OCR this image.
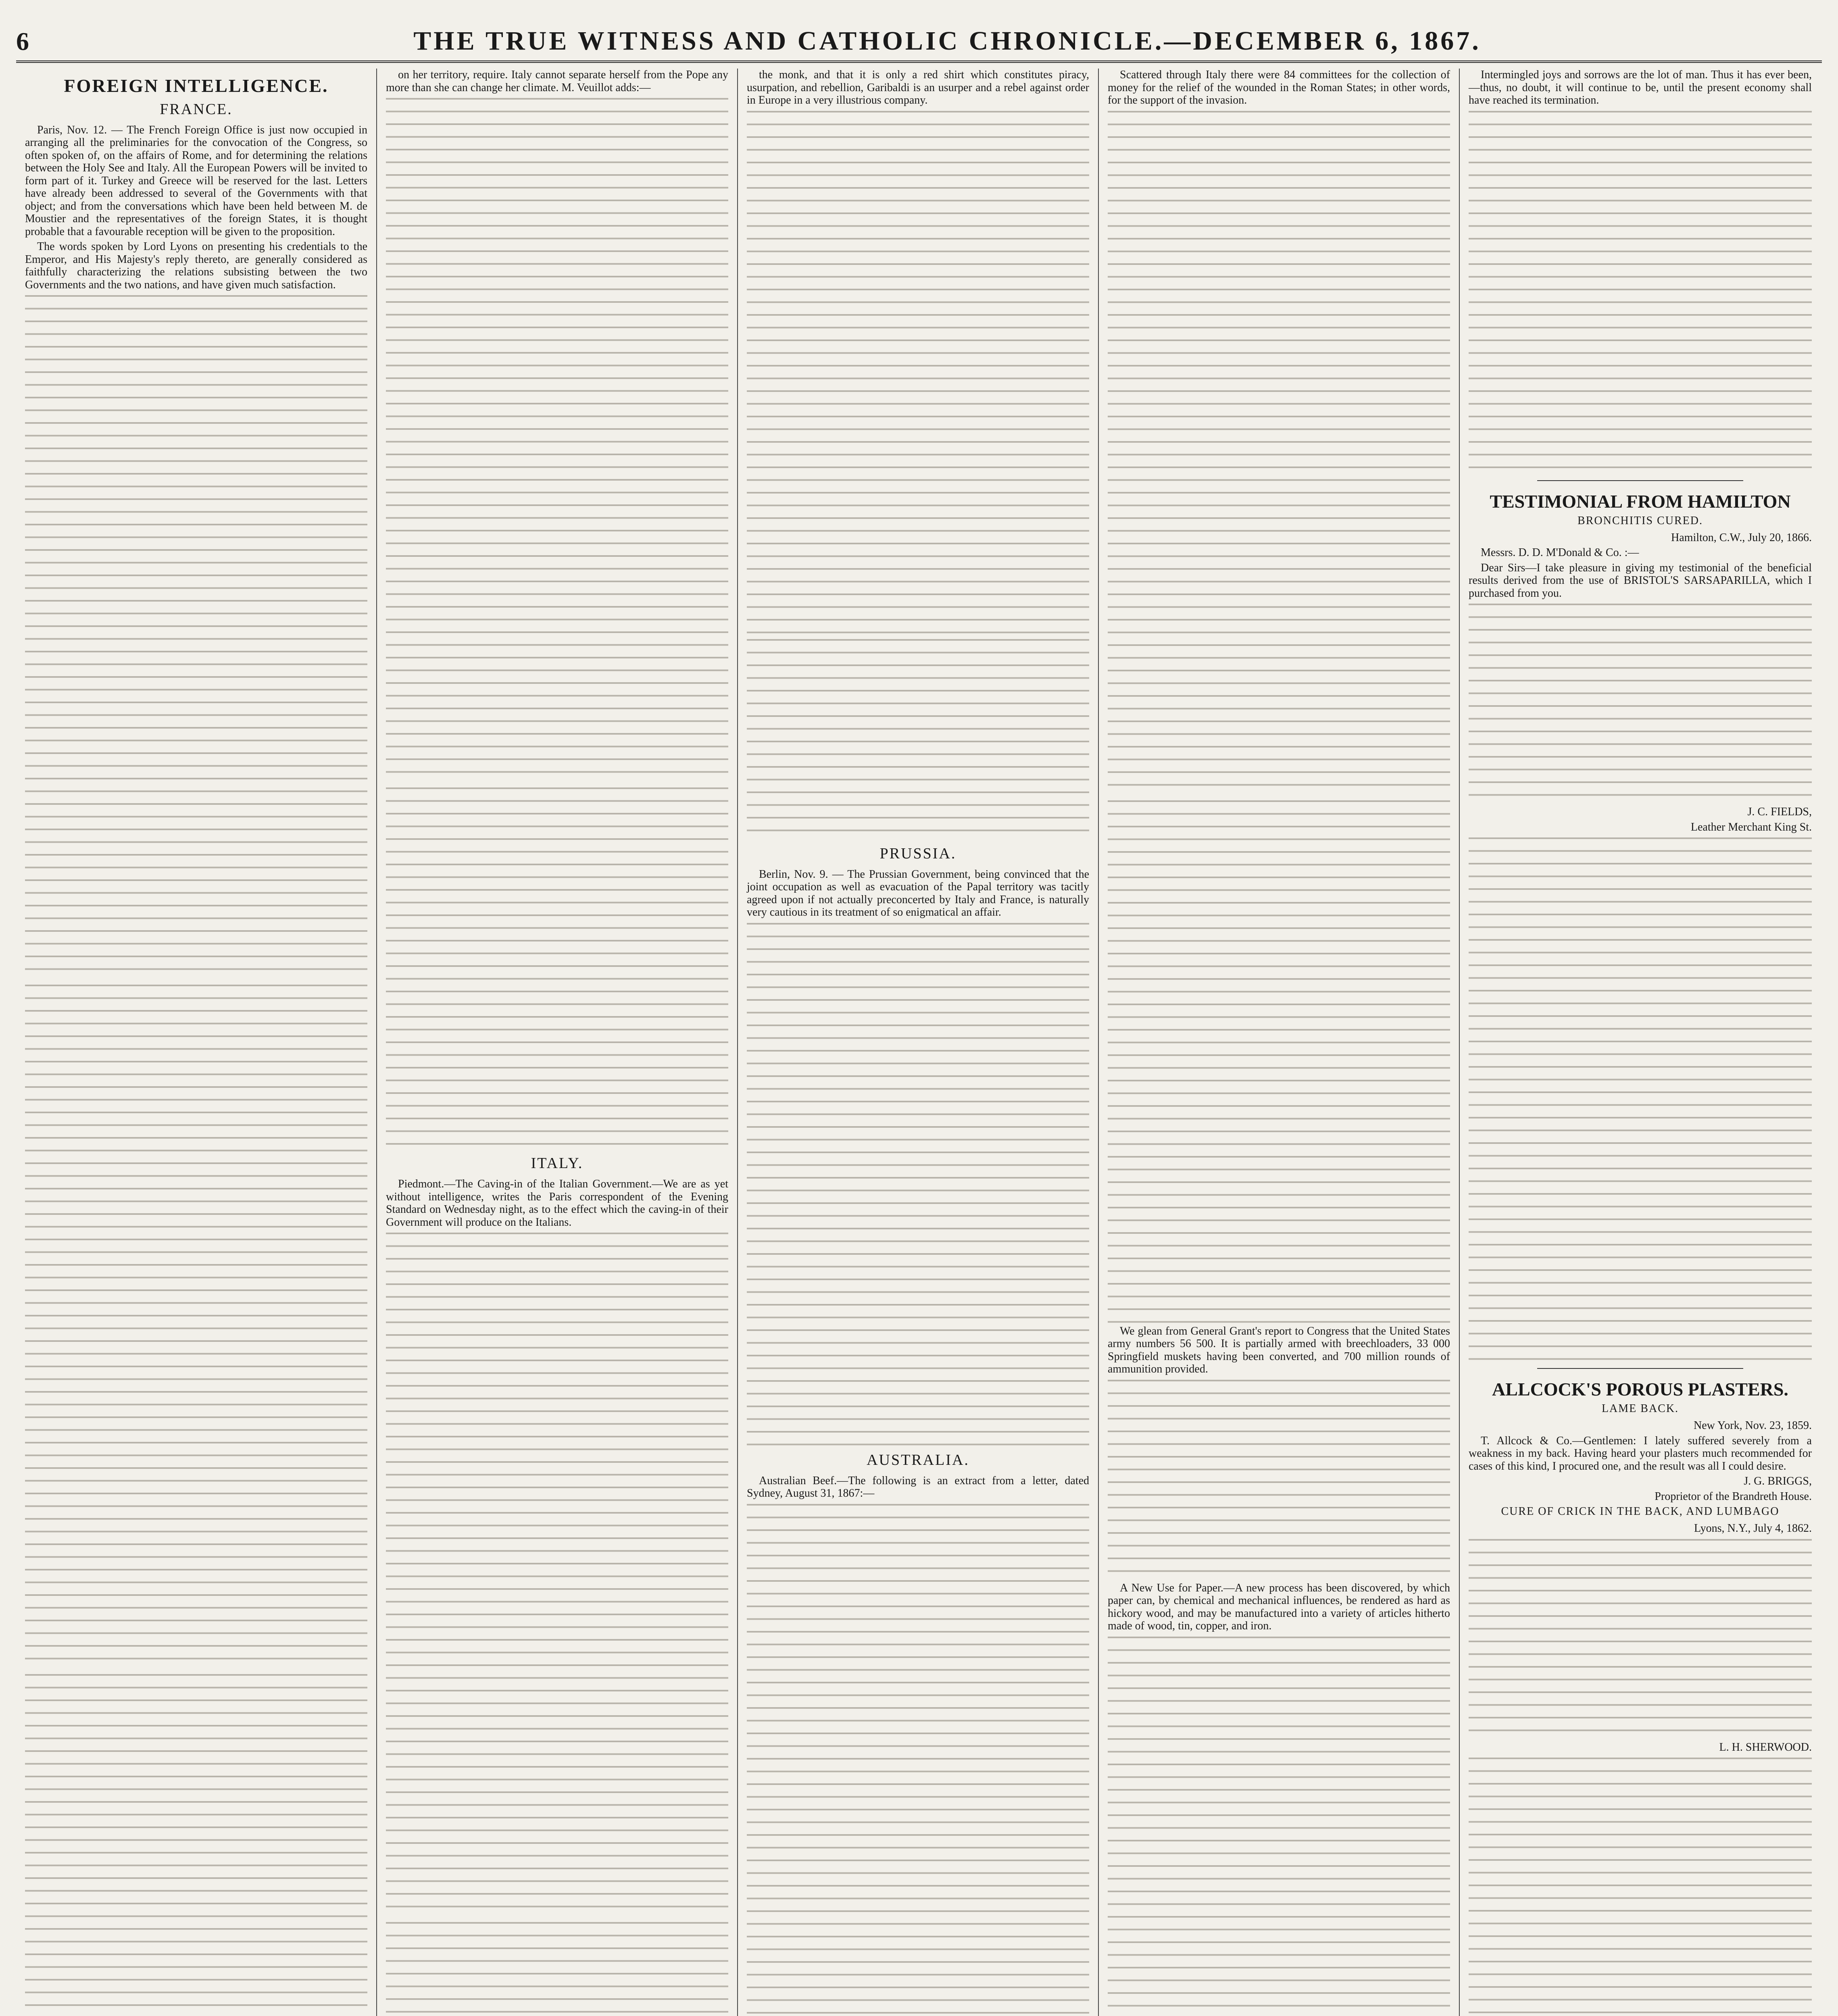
6	THE TRUE WITNESS AND CATHOLIC CHRONICLE.—DECEMBER 6, 1867.
FOREIGN INTELLIGENCE.
FRANCE.

Paris, Nov. 12. — The French Foreign Office is just now occupied in arranging all the preliminaries for the convocation of the Congress, so often spoken of, on the affairs of Rome, and for determining the relations between the Holy See and Italy. All the European Powers will be invited to form part of it. Turkey and Greece will be reserved for the last. Letters have already been addressed to several of the Governments with that object; and from the conversations which have been held between M. de Moustier and the representatives of the foreign States, it is thought probable that a favourable reception will be given to the proposition.

The words spoken by Lord Lyons on presenting his credentials to the Emperor, and His Majesty's reply thereto, are generally considered as faithfully characterizing the relations subsisting between the two Governments and the two nations, and have given much satisfaction.

on her territory, require. Italy cannot separate herself from the Pope any more than she can change her climate. M. Veuillot adds:—

ITALY.

Piedmont.—The Caving-in of the Italian Government.—We are as yet without intelligence, writes the Paris correspondent of the Evening Standard on Wednesday night, as to the effect which the caving-in of their Government will produce on the Italians.

the monk, and that it is only a red shirt which constitutes piracy, usurpation, and rebellion, Garibaldi is an usurper and a rebel against order in Europe in a very illustrious company.

PRUSSIA.

Berlin, Nov. 9. — The Prussian Government, being convinced that the joint occupation as well as evacuation of the Papal territory was tacitly agreed upon if not actually preconcerted by Italy and France, is naturally very cautious in its treatment of so enigmatical an affair.

AUSTRALIA.

Australian Beef.—The following is an extract from a letter, dated Sydney, August 31, 1867:—

Scattered through Italy there were 84 committees for the collection of money for the relief of the wounded in the Roman States; in other words, for the support of the invasion.

We glean from General Grant's report to Congress that the United States army numbers 56 500. It is partially armed with breechloaders, 33 000 Springfield muskets having been converted, and 700 million rounds of ammunition provided.

A New Use for Paper.—A new process has been discovered, by which paper can, by chemical and mechanical influences, be rendered as hard as hickory wood, and may be manufactured into a variety of articles hitherto made of wood, tin, copper, and iron.

Intermingled joys and sorrows are the lot of man. Thus it has ever been,—thus, no doubt, it will continue to be, until the present economy shall have reached its termination.

TESTIMONIAL FROM HAMILTON
BRONCHITIS CURED.

Hamilton, C.W., July 20, 1866.

Messrs. D. D. M'Donald & Co. :—

Dear Sirs—I take pleasure in giving my testimonial of the beneficial results derived from the use of BRISTOL'S SARSAPARILLA, which I purchased from you.

J. C. FIELDS,

Leather Merchant King St.

ALLCOCK'S POROUS PLASTERS.
LAME BACK.

New York, Nov. 23, 1859.

T. Allcock & Co.—Gentlemen: I lately suffered severely from a weakness in my back. Having heard your plasters much recommended for cases of this kind, I procured one, and the result was all I could desire.

J. G. BRIGGS,

Proprietor of the Brandreth House.

CURE OF CRICK IN THE BACK, AND LUMBAGO

Lyons, N.Y., July 4, 1862.

L. H. SHERWOOD.
